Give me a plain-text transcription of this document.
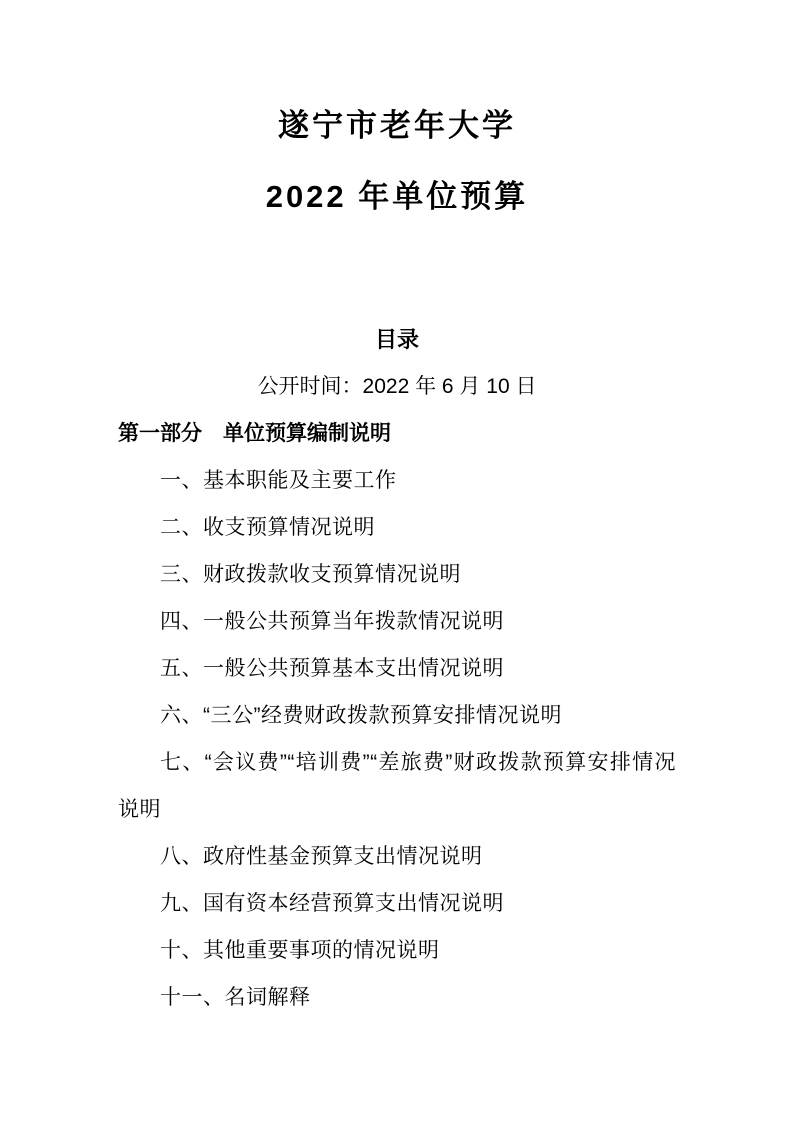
遂宁市老年大学
2022 年单位预算
目录
公开时间：2022 年 6 月 10 日
第一部分　单位预算编制说明
一、基本职能及主要工作
二、收支预算情况说明
三、财政拨款收支预算情况说明
四、一般公共预算当年拨款情况说明
五、一般公共预算基本支出情况说明
六、“三公”经费财政拨款预算安排情况说明
七、“会议费”“培训费”“差旅费”财政拨款预算安排情况说明
八、政府性基金预算支出情况说明
九、国有资本经营预算支出情况说明
十、其他重要事项的情况说明
十一、名词解释
